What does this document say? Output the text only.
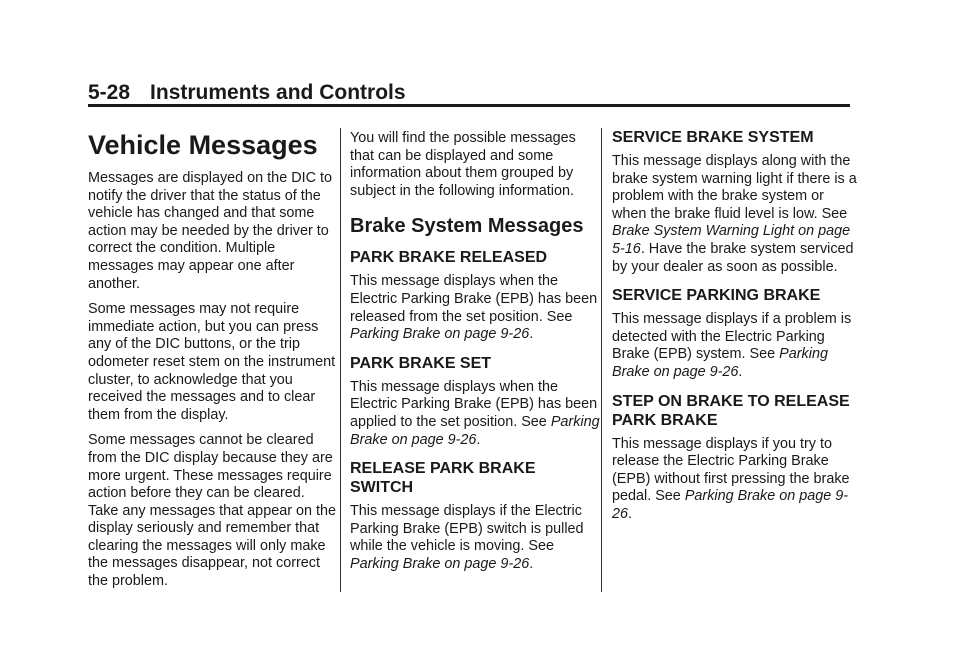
5-28 Instruments and Controls
Vehicle Messages

Messages are displayed on the DIC to notify the driver that the status of the vehicle has changed and that some action may be needed by the driver to correct the condition. Multiple messages may appear one after another.

Some messages may not require immediate action, but you can press any of the DIC buttons, or the trip odometer reset stem on the instrument cluster, to acknowledge that you received the messages and to clear them from the display.

Some messages cannot be cleared from the DIC display because they are more urgent. These messages require action before they can be cleared. Take any messages that appear on the display seriously and remember that clearing the messages will only make the messages disappear, not correct the problem.

You will find the possible messages that can be displayed and some information about them grouped by subject in the following information.

Brake System Messages
PARK BRAKE RELEASED

This message displays when the Electric Parking Brake (EPB) has been released from the set position. See Parking Brake on page 9-26.

PARK BRAKE SET

This message displays when the Electric Parking Brake (EPB) has been applied to the set position. See Parking Brake on page 9-26.

RELEASE PARK BRAKE SWITCH

This message displays if the Electric Parking Brake (EPB) switch is pulled while the vehicle is moving. See Parking Brake on page 9-26.

SERVICE BRAKE SYSTEM

This message displays along with the brake system warning light if there is a problem with the brake system or when the brake fluid level is low. See Brake System Warning Light on page 5-16. Have the brake system serviced by your dealer as soon as possible.

SERVICE PARKING BRAKE

This message displays if a problem is detected with the Electric Parking Brake (EPB) system. See Parking Brake on page 9-26.

STEP ON BRAKE TO RELEASE PARK BRAKE

This message displays if you try to release the Electric Parking Brake (EPB) without first pressing the brake pedal. See Parking Brake on page 9-26.
